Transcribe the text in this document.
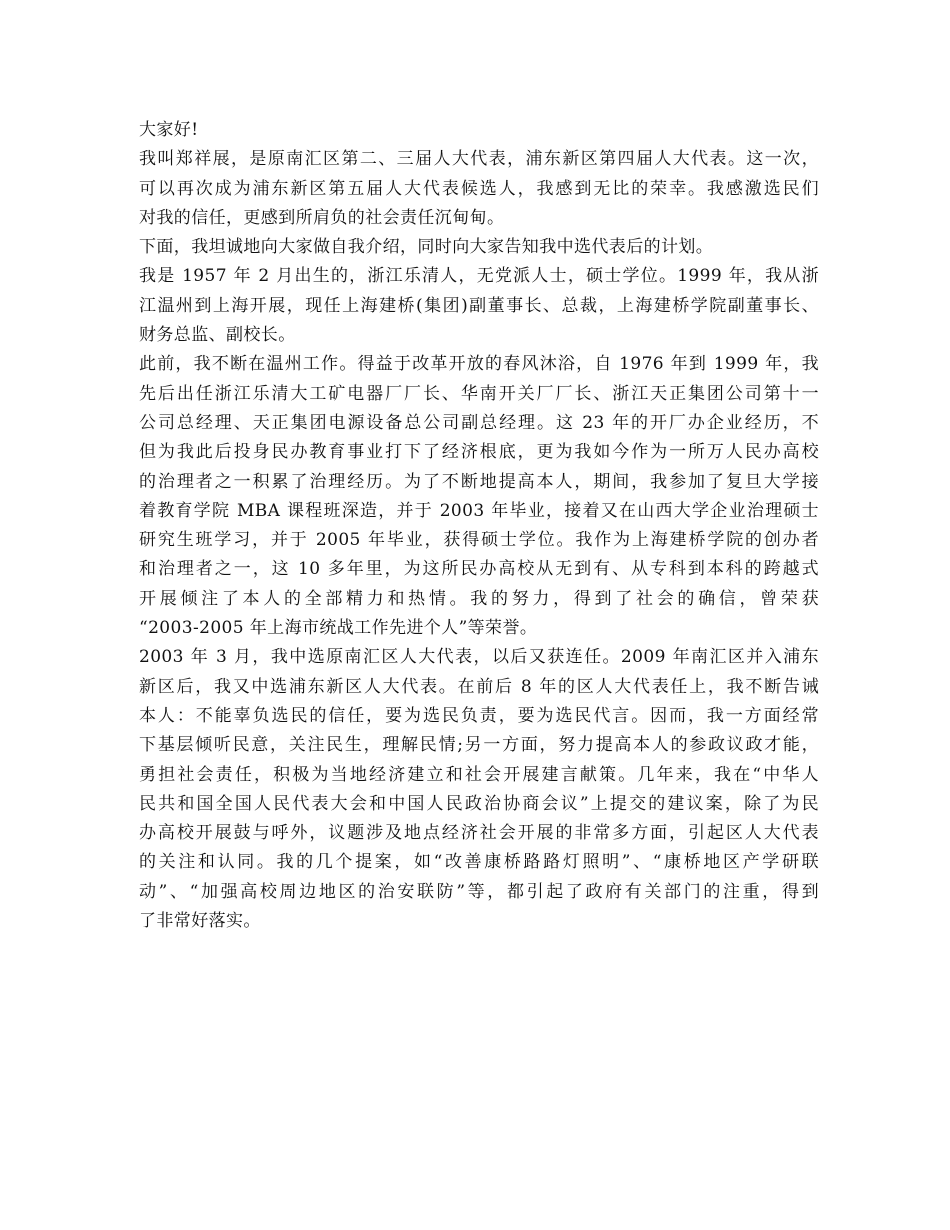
大家好!
我叫郑祥展，是原南汇区第二、三届人大代表，浦东新区第四届人大代表。这一次，
可以再次成为浦东新区第五届人大代表候选人，我感到无比的荣幸。我感激选民们
对我的信任，更感到所肩负的社会责任沉甸甸。
下面，我坦诚地向大家做自我介绍，同时向大家告知我中选代表后的计划。
我是 1957 年 2 月出生的，浙江乐清人，无党派人士，硕士学位。1999 年，我从浙
江温州到上海开展，现任上海建桥(集团)副董事长、总裁，上海建桥学院副董事长、
财务总监、副校长。
此前，我不断在温州工作。得益于改革开放的春风沐浴，自 1976 年到 1999 年，我
先后出任浙江乐清大工矿电器厂厂长、华南开关厂厂长、浙江天正集团公司第十一
公司总经理、天正集团电源设备总公司副总经理。这 23 年的开厂办企业经历，不
但为我此后投身民办教育事业打下了经济根底，更为我如今作为一所万人民办高校
的治理者之一积累了治理经历。为了不断地提高本人，期间，我参加了复旦大学接
着教育学院 MBA 课程班深造，并于 2003 年毕业，接着又在山西大学企业治理硕士
研究生班学习，并于 2005 年毕业，获得硕士学位。我作为上海建桥学院的创办者
和治理者之一，这 10 多年里，为这所民办高校从无到有、从专科到本科的跨越式
开展倾注了本人的全部精力和热情。我的努力，得到了社会的确信，曾荣获
“2003-2005 年上海市统战工作先进个人”等荣誉。
2003 年 3 月，我中选原南汇区人大代表，以后又获连任。2009 年南汇区并入浦东
新区后，我又中选浦东新区人大代表。在前后 8 年的区人大代表任上，我不断告诫
本人：不能辜负选民的信任，要为选民负责，要为选民代言。因而，我一方面经常
下基层倾听民意，关注民生，理解民情;另一方面，努力提高本人的参政议政才能，
勇担社会责任，积极为当地经济建立和社会开展建言献策。几年来，我在“中华人
民共和国全国人民代表大会和中国人民政治协商会议”上提交的建议案，除了为民
办高校开展鼓与呼外，议题涉及地点经济社会开展的非常多方面，引起区人大代表
的关注和认同。我的几个提案，如“改善康桥路路灯照明”、“康桥地区产学研联
动”、“加强高校周边地区的治安联防”等，都引起了政府有关部门的注重，得到
了非常好落实。
